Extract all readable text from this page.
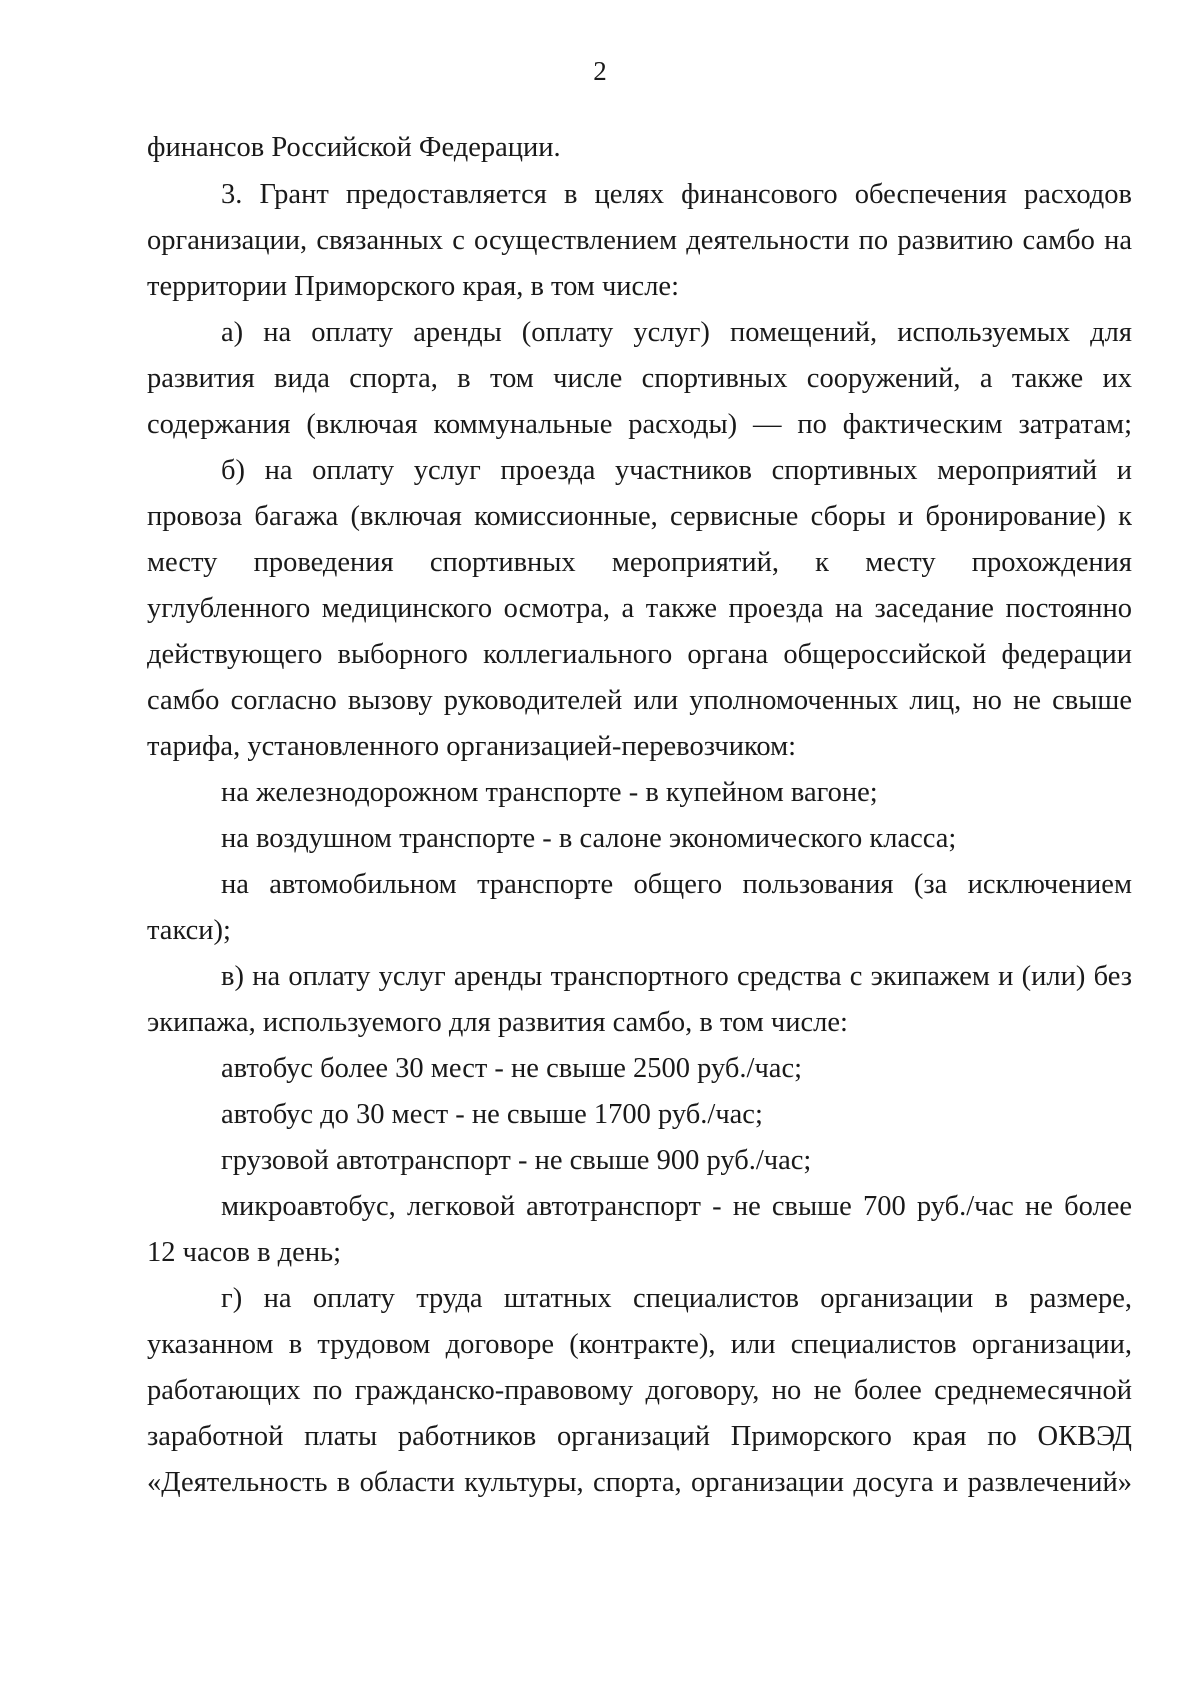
2
финансов Российской Федерации.
3. Грант предоставляется в целях финансового обеспечения расходов
организации, связанных с осуществлением деятельности по развитию самбо на
территории Приморского края, в том числе:
а) на оплату аренды (оплату услуг) помещений, используемых для
развития вида спорта, в том числе спортивных сооружений, а также их
содержания (включая коммунальные расходы) — по фактическим затратам;
б) на оплату услуг проезда участников спортивных мероприятий и
провоза багажа (включая комиссионные, сервисные сборы и бронирование) к
месту проведения спортивных мероприятий, к месту прохождения
углубленного медицинского осмотра, а также проезда на заседание постоянно
действующего выборного коллегиального органа общероссийской федерации
самбо согласно вызову руководителей или уполномоченных лиц, но не свыше
тарифа, установленного организацией-перевозчиком:
на железнодорожном транспорте - в купейном вагоне;
на воздушном транспорте - в салоне экономического класса;
на автомобильном транспорте общего пользования (за исключением
такси);
в) на оплату услуг аренды транспортного средства с экипажем и (или) без
экипажа, используемого для развития самбо, в том числе:
автобус более 30 мест - не свыше 2500 руб./час;
автобус до 30 мест - не свыше 1700 руб./час;
грузовой автотранспорт - не свыше 900 руб./час;
микроавтобус, легковой автотранспорт - не свыше 700 руб./час не более
12 часов в день;
г) на оплату труда штатных специалистов организации в размере,
указанном в трудовом договоре (контракте), или специалистов организации,
работающих по гражданско-правовому договору, но не более среднемесячной
заработной платы работников организаций Приморского края по ОКВЭД
«Деятельность в области культуры, спорта, организации досуга и развлечений»
